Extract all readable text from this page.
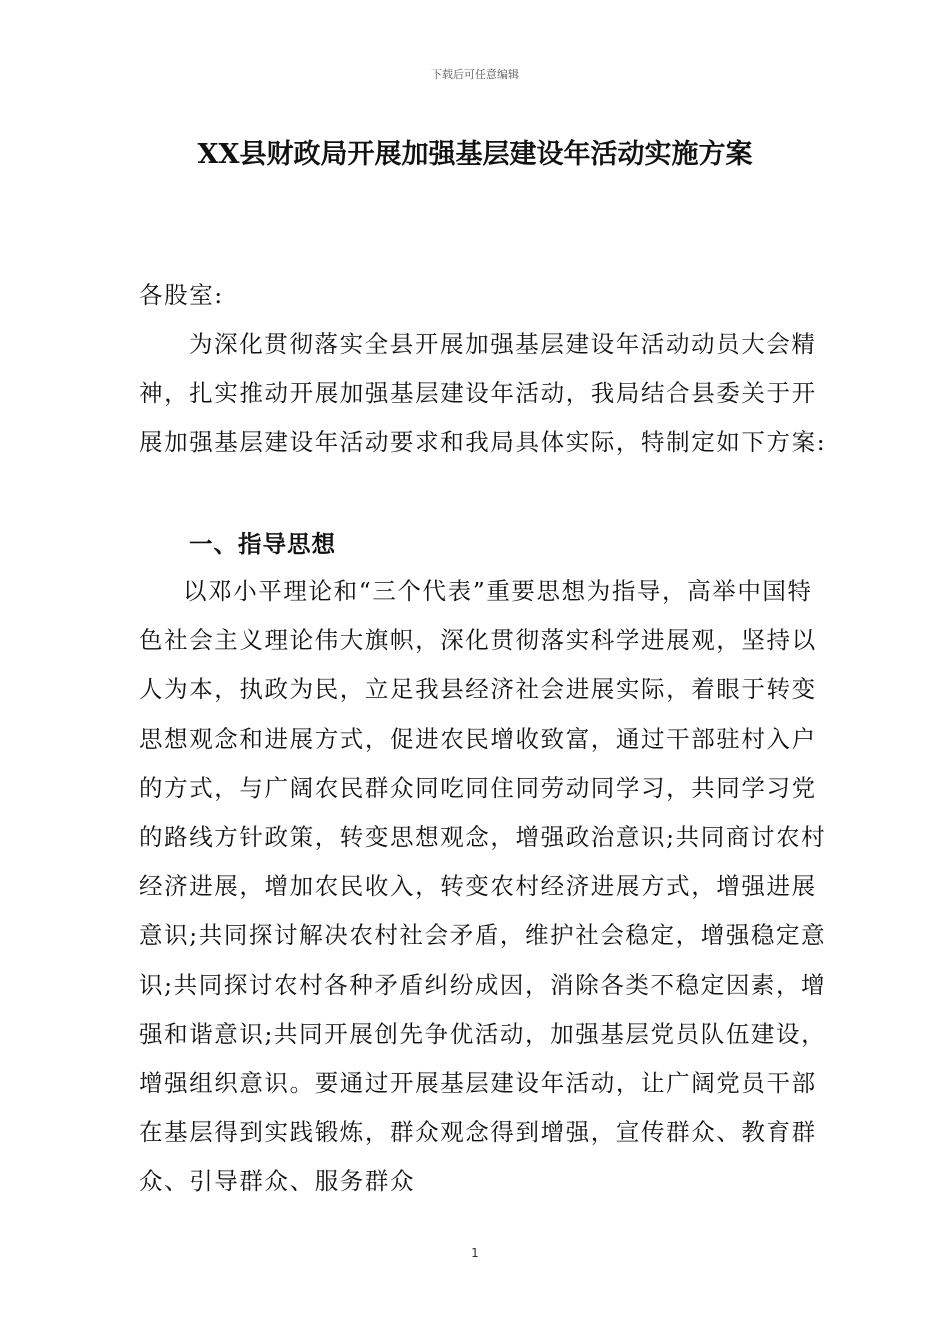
下载后可任意编辑
XX县财政局开展加强基层建设年活动实施方案

各股室:

为深化贯彻落实全县开展加强基层建设年活动动员大会精神，扎实推动开展加强基层建设年活动，我局结合县委关于开展加强基层建设年活动要求和我局具体实际，特制定如下方案:

一、指导思想

以邓小平理论和“三个代表”重要思想为指导，高举中国特色社会主义理论伟大旗帜，深化贯彻落实科学进展观，坚持以人为本，执政为民，立足我县经济社会进展实际，着眼于转变思想观念和进展方式，促进农民增收致富，通过干部驻村入户的方式，与广阔农民群众同吃同住同劳动同学习，共同学习党的路线方针政策，转变思想观念，增强政治意识;共同商讨农村经济进展，增加农民收入，转变农村经济进展方式，增强进展意识;共同探讨解决农村社会矛盾，维护社会稳定，增强稳定意识;共同探讨农村各种矛盾纠纷成因，消除各类不稳定因素，增强和谐意识;共同开展创先争优活动，加强基层党员队伍建设，增强组织意识。要通过开展基层建设年活动，让广阔党员干部在基层得到实践锻炼，群众观念得到增强，宣传群众、教育群众、引导群众、服务群众

1
